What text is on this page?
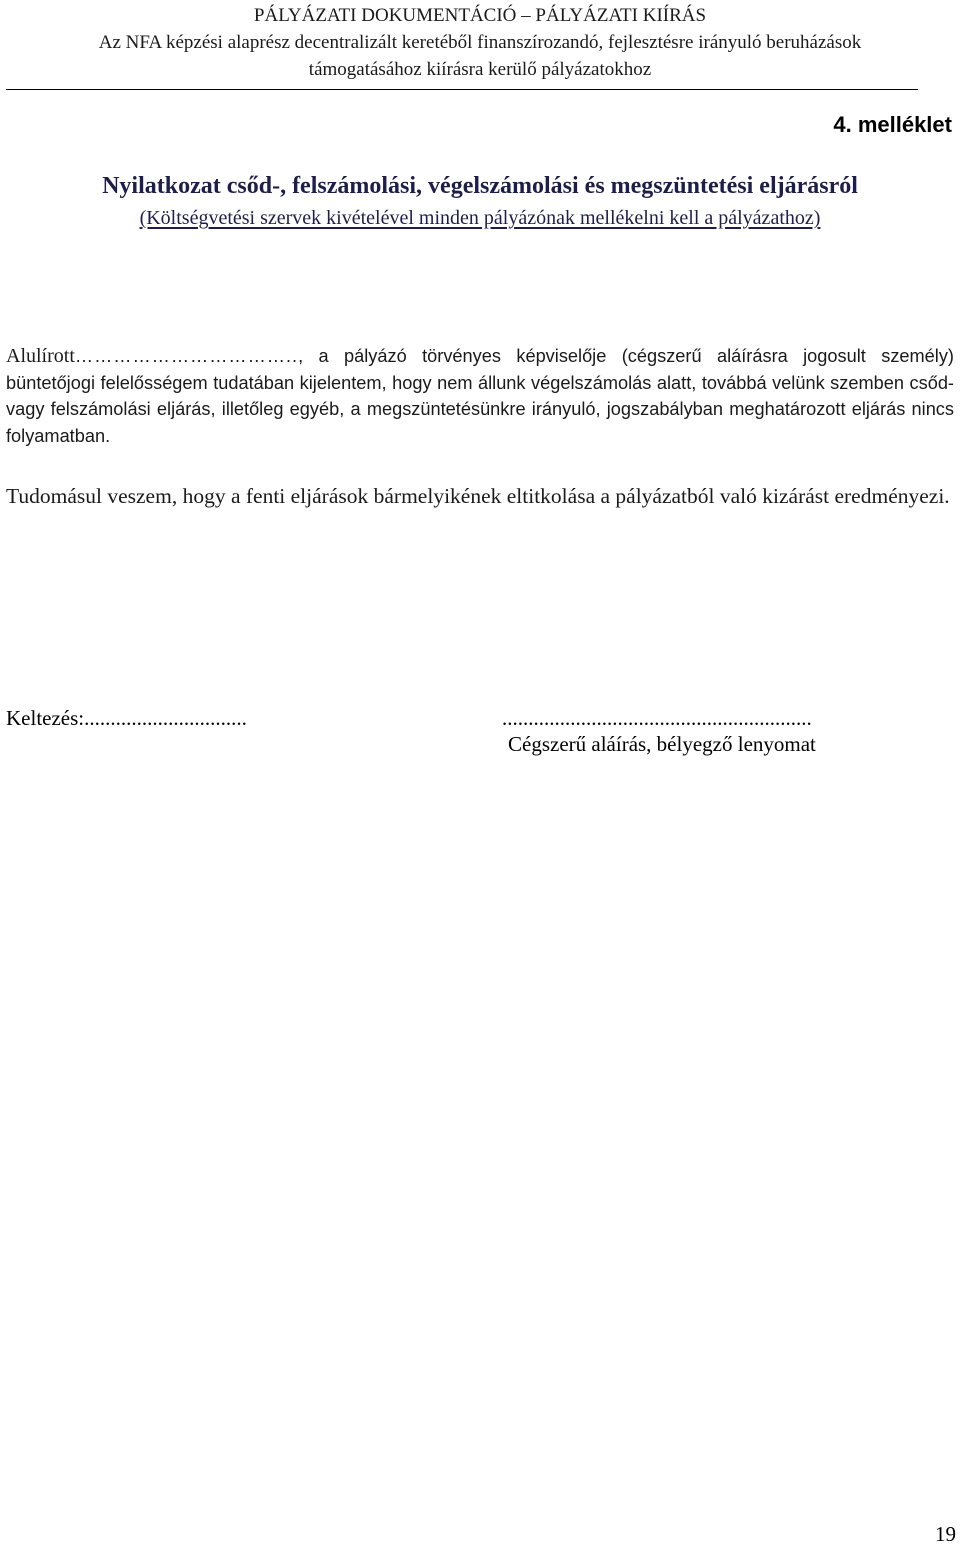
PÁLYÁZATI DOKUMENTÁCIÓ – PÁLYÁZATI KIÍRÁS
Az NFA képzési alaprész decentralizált keretéből finanszírozandó, fejlesztésre irányuló beruházások
támogatásához kiírásra kerülő pályázatokhoz
4. melléklet
Nyilatkozat csőd-, felszámolási, végelszámolási és megszüntetési eljárásról
(Költségvetési szervek kivételével minden pályázónak mellékelni kell a pályázathoz)
Alulírott…………………………….., a pályázó törvényes képviselője (cégszerű aláírásra jogosult személy) büntetőjogi felelősségem tudatában kijelentem, hogy nem állunk végelszámolás alatt, továbbá velünk szemben csőd- vagy felszámolási eljárás, illetőleg egyéb, a megszüntetésünkre irányuló, jogszabályban meghatározott eljárás nincs folyamatban.
Tudomásul veszem, hogy a fenti eljárások bármelyikének eltitkolása a pályázatból való kizárást eredményezi.
Keltezés:...............................	...........................................................
Cégszerű aláírás, bélyegző lenyomat
19
